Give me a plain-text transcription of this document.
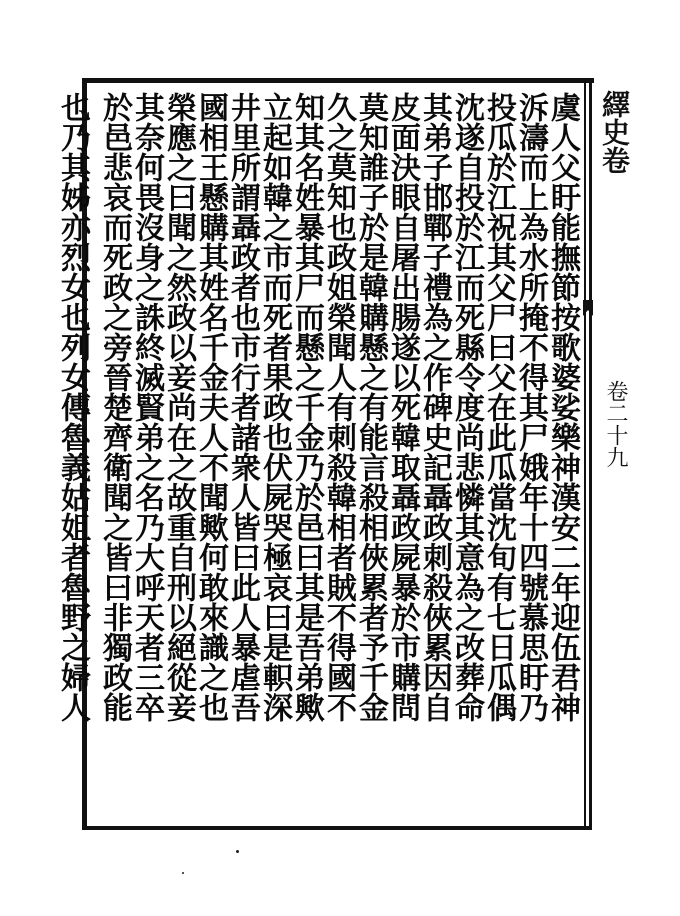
繹史卷
卷二十九
虞人父盱能撫節按歌婆娑樂神漢安二年迎伍君神
泝濤而上為水所掩不得其尸娥年十四號慕思盱乃
投瓜於江祝其父尸曰父在此瓜當沈旬有七日瓜偶
沈遂自投於江而死縣令度尚悲憐其意為之改葬命
其弟子邯鄲子禮為之作碑史記聶政刺殺俠累因自
皮面決眼自屠出腸遂以死韓取聶政屍暴於市購問
莫知誰子於是韓購懸之有能言殺相俠累者予千金
久之莫知也政姐榮聞人有刺殺韓相者賊不得國不
知其名姓暴其尸而懸之千金乃於邑曰其是吾弟歟
立起如韓之市而死者果政也伏屍哭極哀曰是軹深
井里所謂聶政者也市行者諸衆人皆曰此人暴虐吾
國相王懸購其姓名千金夫人不聞歟何敢來識之也
榮應之曰聞之然政以妾尚在之故重自刑以絕從妾
其奈何畏沒身之誅終滅賢弟之名乃大呼天者三卒
於邑悲哀而死政之旁晉楚齊衛聞之皆曰非獨政能
也乃其姊亦烈女也列女傳魯義姑姐者魯野之婦人
